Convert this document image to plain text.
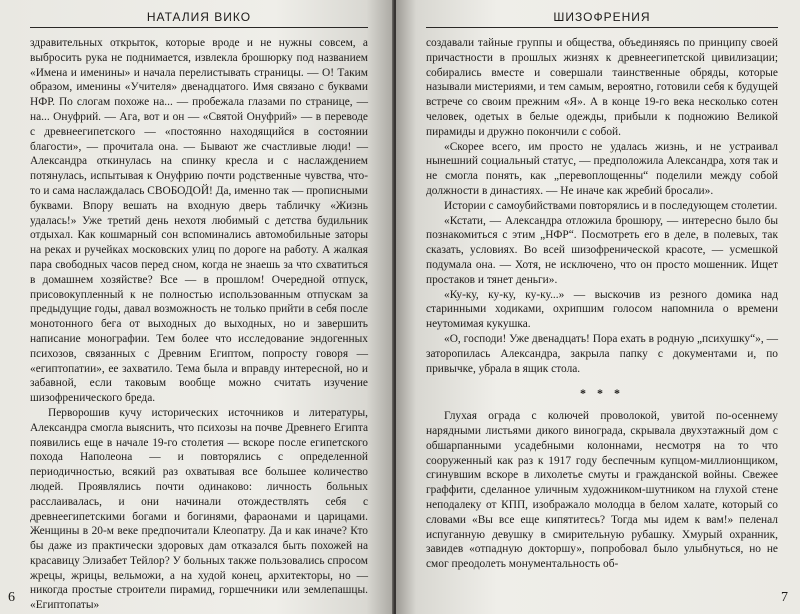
НАТАЛИЯ ВИКО

здравительных открыток, которые вроде и не нужны совсем, а выбросить рука не поднимается, извлекла брошюрку под названием «Имена и именины» и начала перелистывать страницы. — О! Таким образом, именины «Учителя» двенадцатого. Имя связано с буквами НФР. По слогам похоже на... — пробежала глазами по странице, — на... Онуфрий. — Ага, вот и он — «Святой Онуфрий» — в переводе с древнеегипетского — «постоянно находящийся в состоянии благости», — прочитала она. — Бывают же счастливые люди! — Александра откинулась на спинку кресла и с наслаждением потянулась, испытывая к Онуфрию почти родственные чувства, что-то и сама наслаждалась СВОБОДОЙ! Да, именно так — прописными буквами. Впору вешать на входную дверь табличку «Жизнь удалась!» Уже третий день нехотя любимый с детства будильник отдыхал. Как кошмарный сон вспоминались автомобильные заторы на реках и ручейках московских улиц по дороге на работу. А жалкая пара свободных часов перед сном, когда не знаешь за что схватиться в домашнем хозяйстве? Все — в прошлом! Очередной отпуск, присовокупленный к не полностью использованным отпускам за предыдущие годы, давал возможность не только прийти в себя после монотонного бега от выходных до выходных, но и завершить написание монографии. Тем более что исследование эндогенных психозов, связанных с Древним Египтом, попросту говоря — «египтопатии», ее захватило. Тема была и вправду интересной, но и забавной, если таковым вообще можно считать изучение шизофренического бреда.

Перворошив кучу исторических источников и литературы, Александра смогла выяснить, что психозы на почве Древнего Египта появились еще в начале 19-го столетия — вскоре после египетского похода Наполеона — и повторялись с определенной периодичностью, всякий раз охватывая все большее количество людей. Проявлялись почти одинаково: личность больных расслаивалась, и они начинали отождествлять себя с древнеегипетскими богами и богинями, фараонами и царицами. Женщины в 20-м веке предпочитали Клеопатру. Да и как иначе? Кто бы даже из практически здоровых дам отказался быть похожей на красавицу Элизабет Тейлор? У больных также пользовались спросом жрецы, жрицы, вельможи, а на худой конец, архитекторы, но — никогда простые строители пирамид, горшечники или землепашцы. «Египтопаты»

6
ШИЗОФРЕНИЯ

создавали тайные группы и общества, объединяясь по принципу своей причастности в прошлых жизнях к древнеегипетской цивилизации; собирались вместе и совершали таинственные обряды, которые называли мистериями, и тем самым, вероятно, готовили себя к будущей встрече со своим прежним «Я». А в конце 19-го века несколько сотен человек, одетых в белые одежды, прибыли к подножию Великой пирамиды и дружно покончили с собой.

«Скорее всего, им просто не удалась жизнь, и не устраивал нынешний социальный статус, — предположила Александра, хотя так и не смогла понять, как „перевоплощенны“ поделили между собой должности в династиях. — Не иначе как жребий бросали».

Истории с самоубийствами повторялись и в последующем столетии.

«Кстати, — Александра отложила брошюру, — интересно было бы познакомиться с этим „НФР“. Посмотреть его в деле, в полевых, так сказать, условиях. Во всей шизофренической красоте, — усмешкой подумала она. — Хотя, не исключено, что он просто мошенник. Ищет простаков и тянет деньги».

«Ку-ку, ку-ку, ку-ку...» — выскочив из резного домика над старинными ходиками, охрипшим голосом напомнила о времени неутомимая кукушка.

«О, господи! Уже двенадцать! Пора ехать в родную „психушку“», — заторопилась Александра, закрыла папку с документами и, по привычке, убрала в ящик стола.

* * *

Глухая ограда с колючей проволокой, увитой по-осеннему нарядными листьями дикого винограда, скрывала двухэтажный дом с обшарпанными усадебными колоннами, несмотря на то что сооруженный как раз к 1917 году беспечным купцом-миллионщиком, сгинувшим вскоре в лихолетье смуты и гражданской войны. Свежее граффити, сделанное уличным художником-шутником на глухой стене неподалеку от КПП, изображало молодца в белом халате, который со словами «Вы все еще кипятитесь? Тогда мы идем к вам!» пеленал испуганную девушку в смирительную рубашку. Хмурый охранник, завидев «отпадную докторшу», попробовал было улыбнуться, но не смог преодолеть монументальность об-

7
